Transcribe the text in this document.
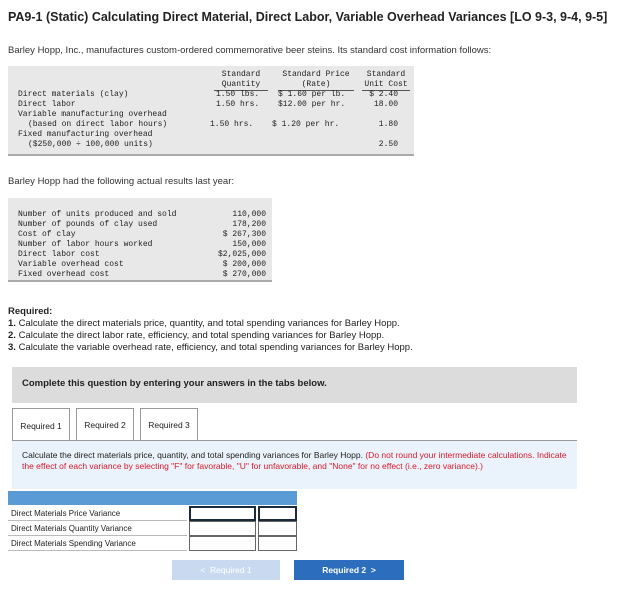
PA9-1 (Static) Calculating Direct Material, Direct Labor, Variable Overhead Variances [LO 9-3, 9-4, 9-5]
Barley Hopp, Inc., manufactures custom-ordered commemorative beer steins. Its standard cost information follows:
Standard
Quantity
Standard Price
(Rate)
Standard
Unit Cost
Direct materials (clay)	1.50 lbs. $ 1.60 per lb.	$ 2.40
Direct labor	1.50 hrs. $12.00 per hr.	18.00
Variable manufacturing overhead
(based on direct labor hours)	1.50 hrs. $ 1.20 per hr.	1.80
Fixed manufacturing overhead
($250,000 ÷ 100,000 units)	2.50
Barley Hopp had the following actual results last year:
Number of units produced and sold	110,000
Number of pounds of clay used	178,200
Cost of clay	$ 267,300
Number of labor hours worked	150,000
Direct labor cost	$2,025,000
Variable overhead cost	$ 200,000
Fixed overhead cost	$ 270,000
Required:
1. Calculate the direct materials price, quantity, and total spending variances for Barley Hopp.
2. Calculate the direct labor rate, efficiency, and total spending variances for Barley Hopp.
3. Calculate the variable overhead rate, efficiency, and total spending variances for Barley Hopp.
Complete this question by entering your answers in the tabs below.
Required 1	Required 2	Required 3

Calculate the direct materials price, quantity, and total spending variances for Barley Hopp. (Do not round your intermediate calculations. Indicate the effect of each variance by selecting "F" for favorable, "U" for unfavorable, and "None" for no effect (i.e., zero variance).)

Direct Materials Price Variance
Direct Materials Quantity Variance
Direct Materials Spending Variance
< Required 1	Required 2 >
